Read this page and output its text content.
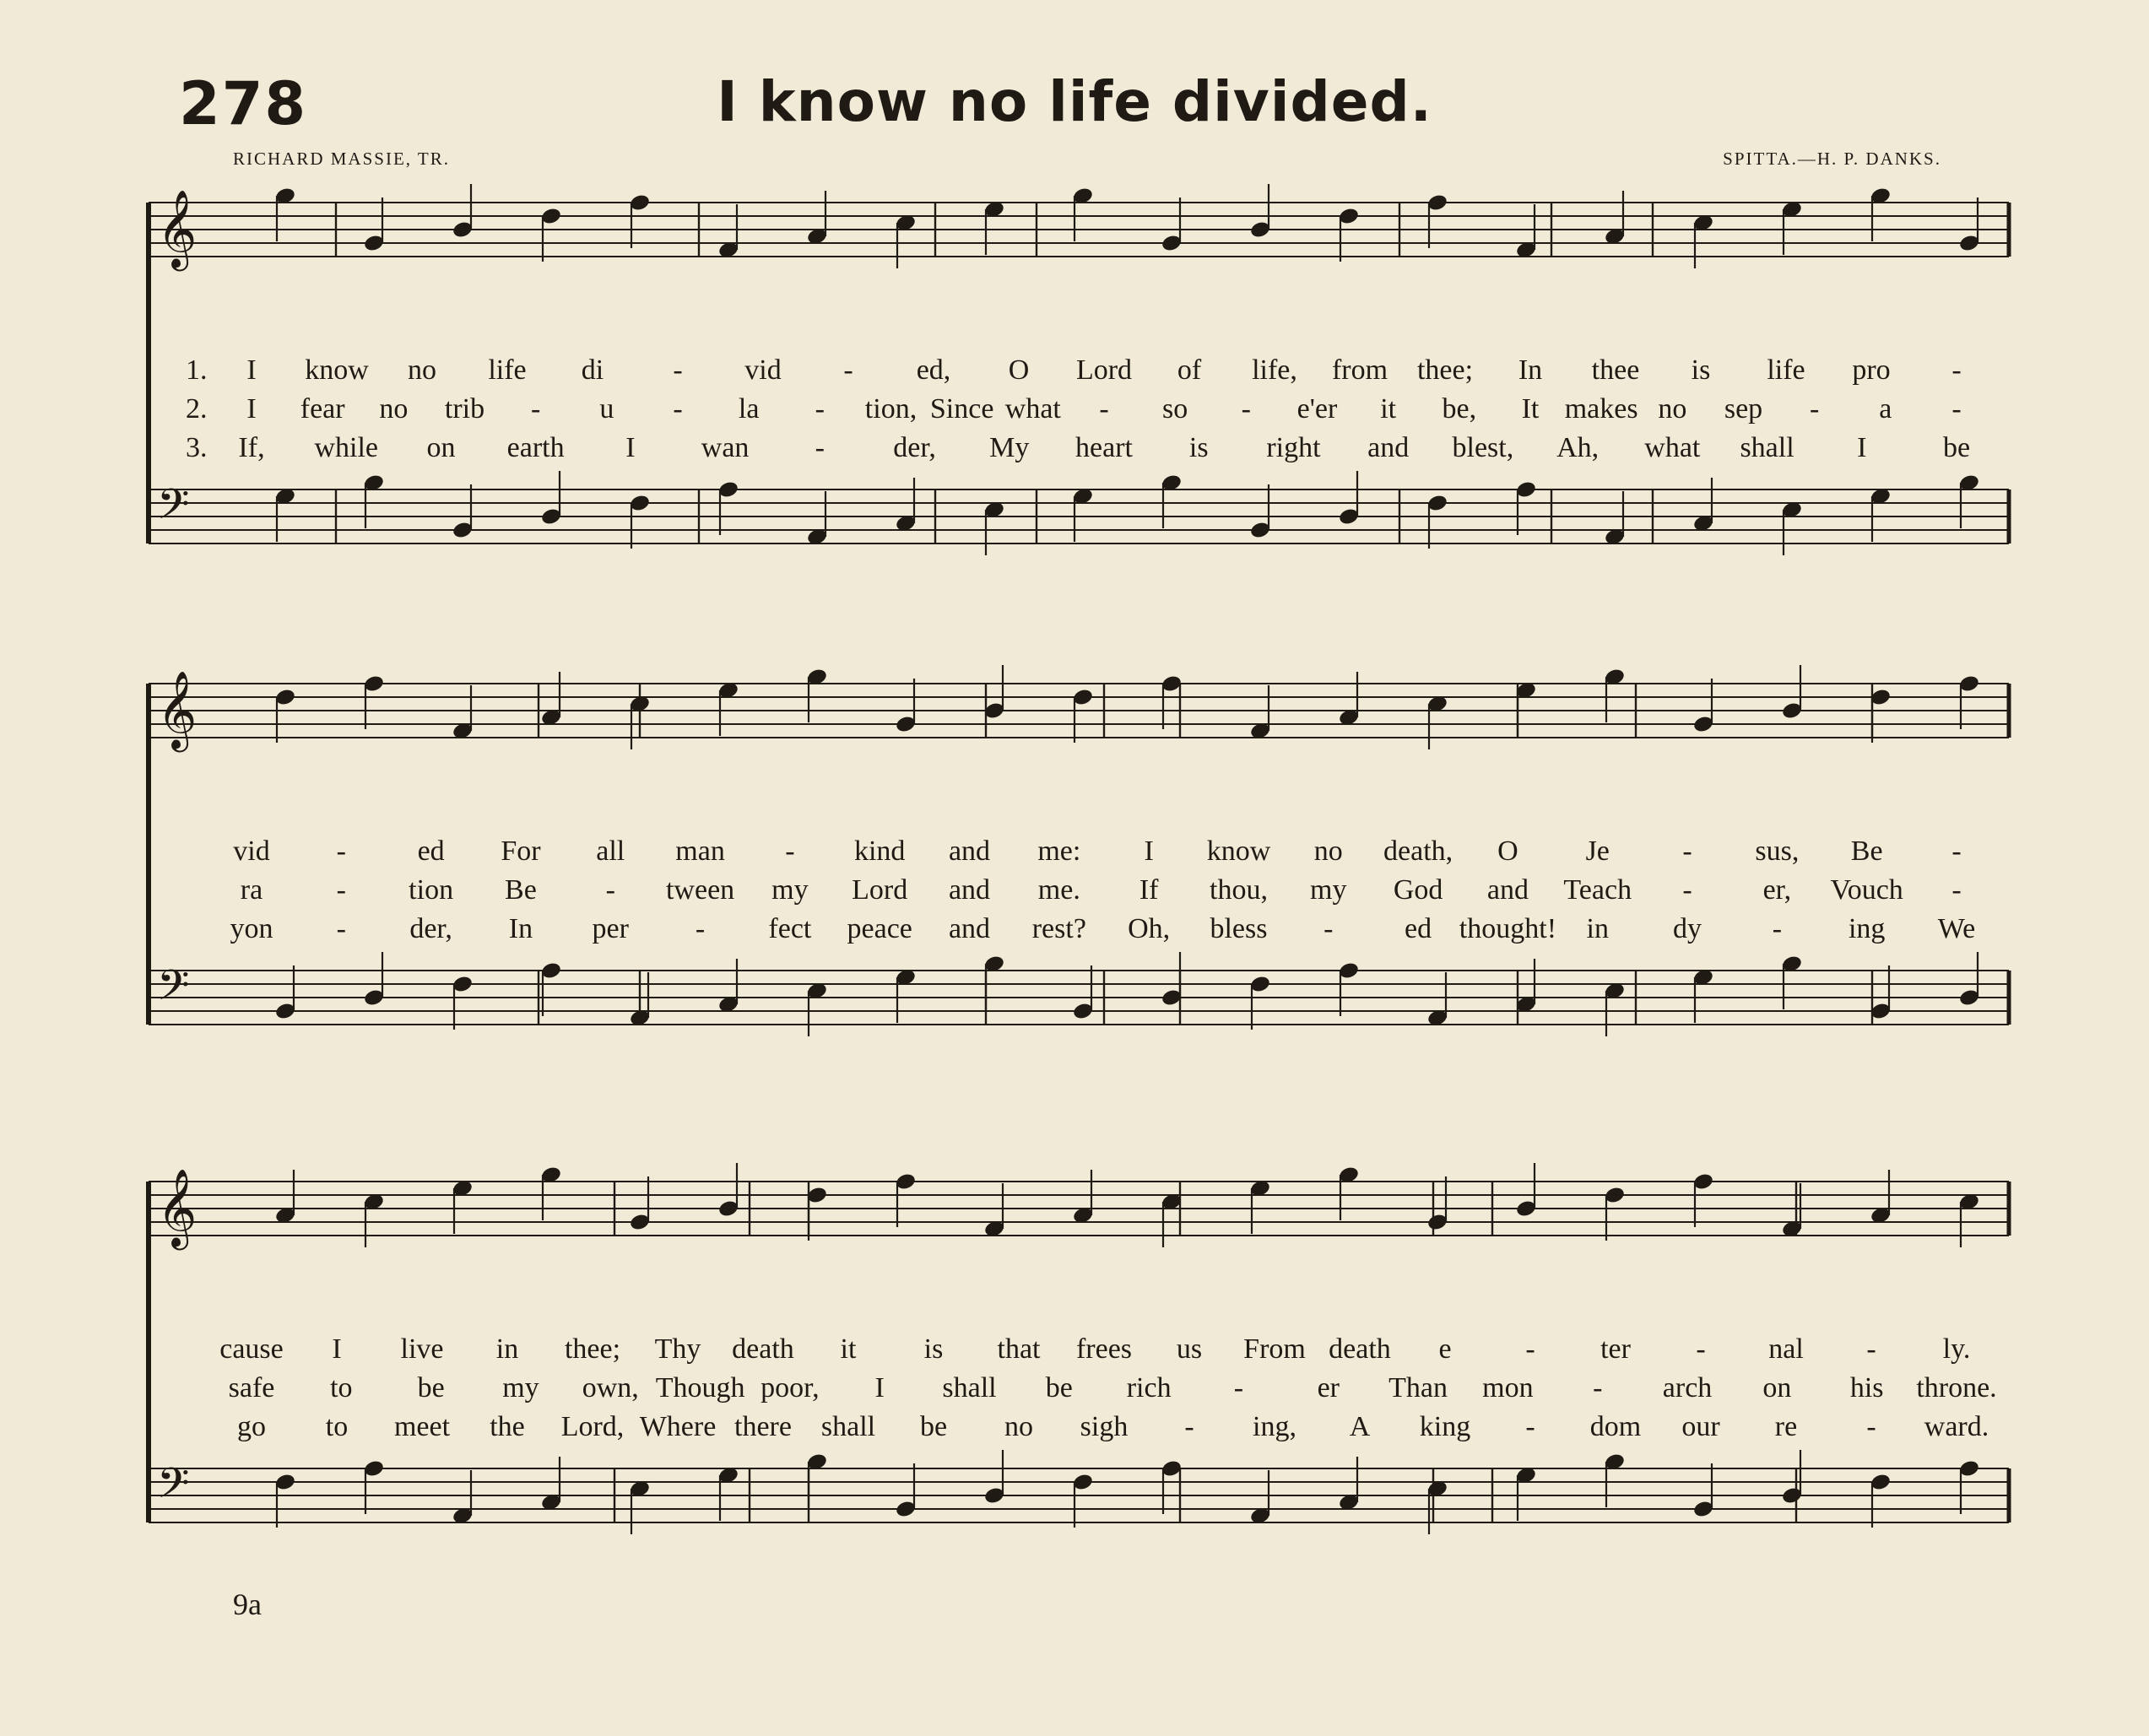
278	I know no life divided.
RICHARD MASSIE, TR.	SPITTA.—H. P. DANKS.
𝄞
𝄢
1. I know no life di - vid - ed, O Lord of life, from thee; In thee is life pro -
2. I fear no trib - u - la - tion, Since what - so - e'er it be, It makes no sep - a -
3. If, while on earth I wan - der, My heart is right and blest, Ah, what shall I	be
𝄞
𝄢
vid - ed For all man - kind and me: I know no death, O Je	- sus, Be -
ra	- tion Be - tween my Lord and me. If thou, my God and Teach - er, Vouch -
yon - der, In per - fect peace and rest? Oh, bless - ed thought! in dy - ing We
𝄞
𝄢
cause I live in thee; Thy death it is that frees us From death e	- ter - nal - ly.
safe to be my own, Though poor, I shall be rich -	er Than mon - arch on his throne.
go to meet the Lord, Where there shall be no sigh - ing, A king - dom our re - ward.
9a
